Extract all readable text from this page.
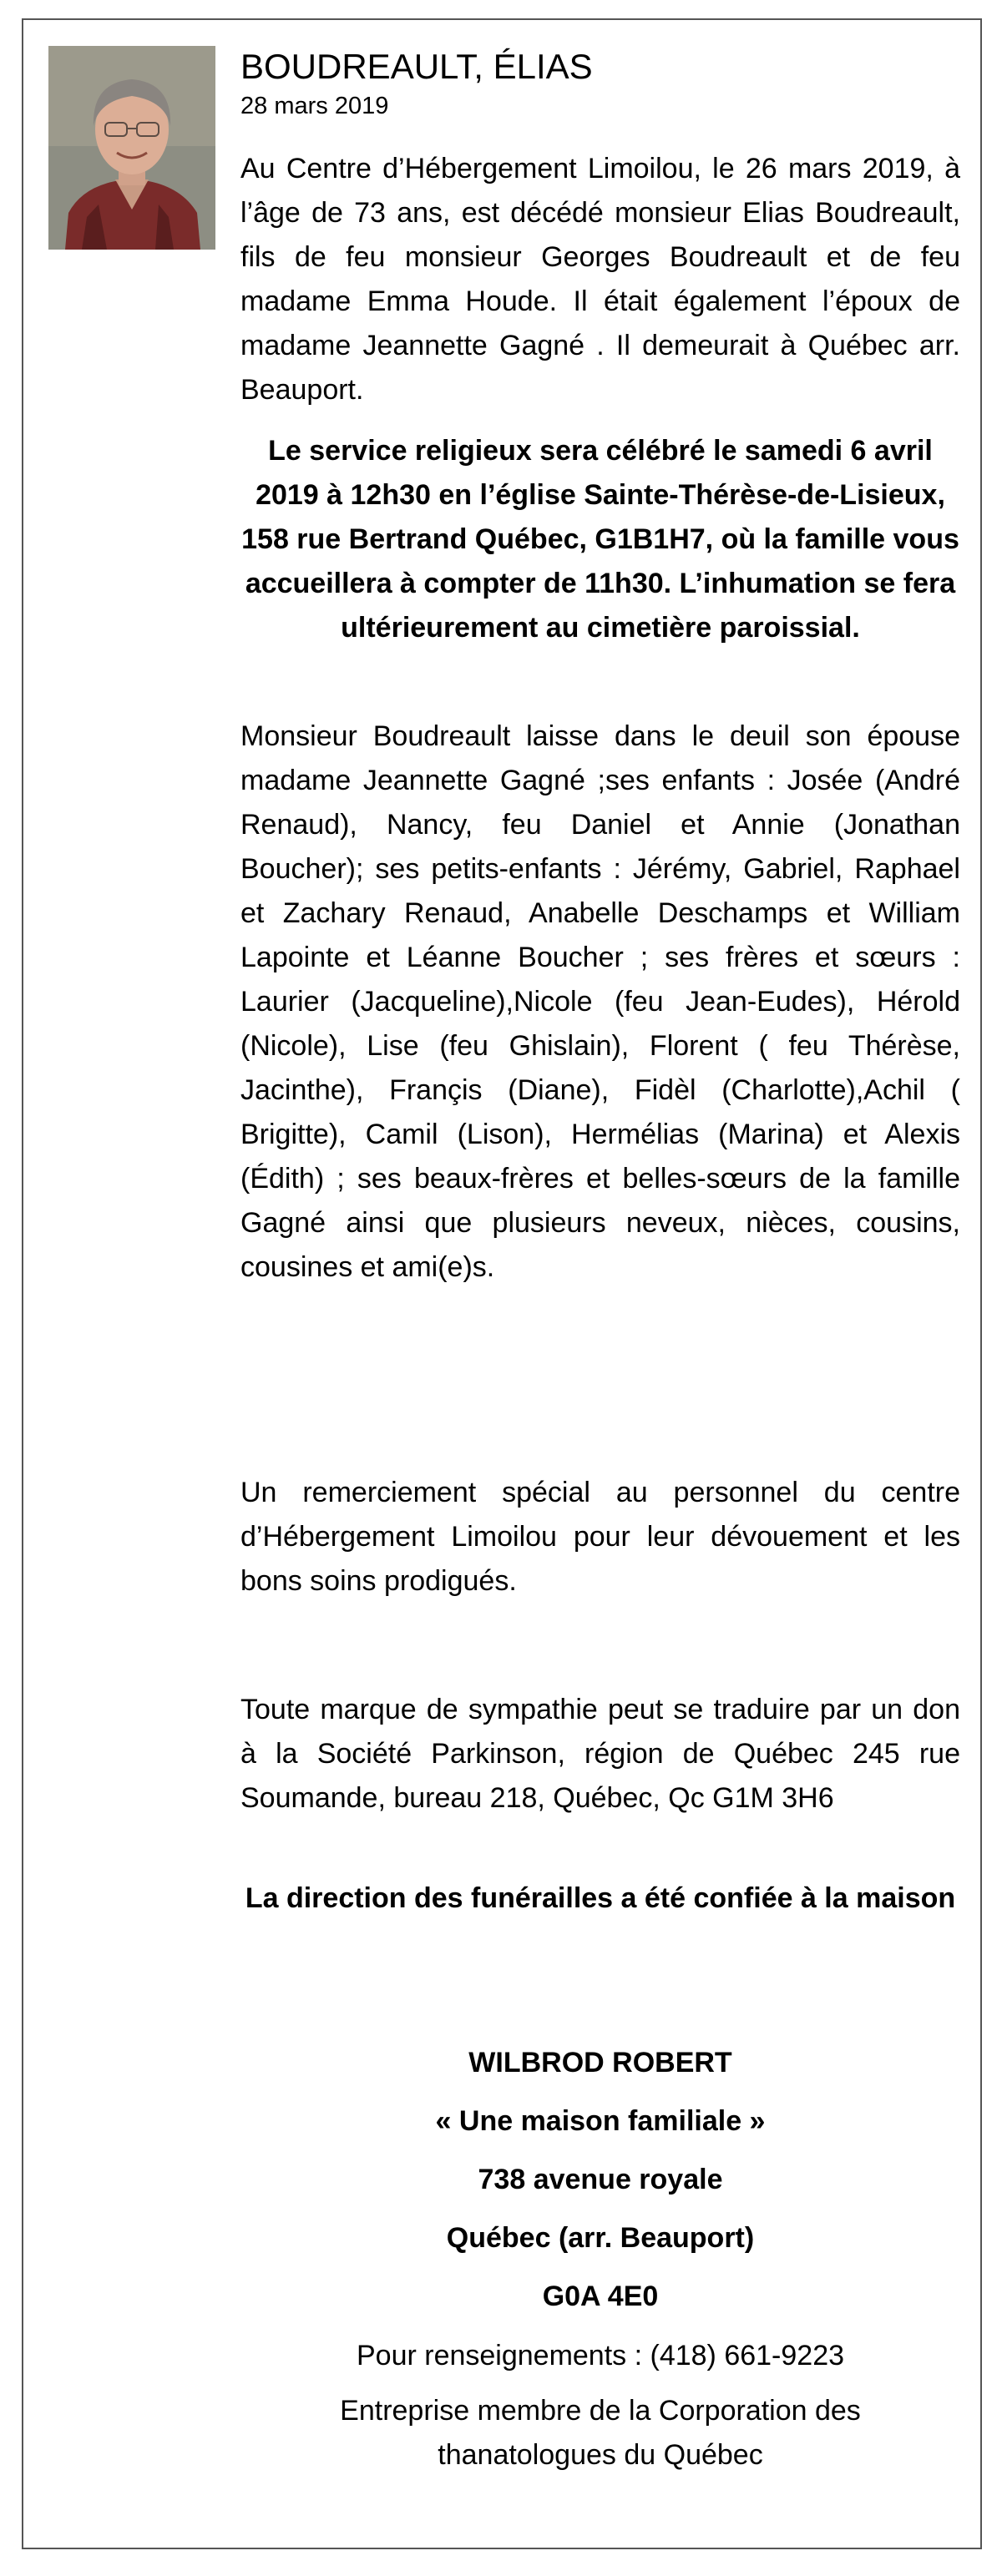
BOUDREAULT, ÉLIAS
28 mars 2019

Au Centre d’Hébergement Limoilou, le 26 mars 2019, à l’âge de 73 ans, est décédé monsieur Elias Boudreault, fils de feu monsieur Georges Boudreault et de feu madame Emma Houde. Il était également l’époux de madame Jeannette Gagné . Il demeurait à Québec arr. Beauport.

Le service religieux sera célébré le samedi 6 avril 2019 à 12h30 en l’église Sainte-Thérèse-de-Lisieux, 158 rue Bertrand Québec, G1B1H7, où la famille vous accueillera à compter de 11h30. L’inhumation se fera ultérieurement au cimetière paroissial.

Monsieur Boudreault laisse dans le deuil son épouse madame Jeannette Gagné ;ses enfants : Josée (André Renaud), Nancy, feu Daniel et Annie (Jonathan Boucher); ses petits-enfants : Jérémy, Gabriel, Raphael et Zachary Renaud, Anabelle Deschamps et William Lapointe et Léanne Boucher ; ses frères et sœurs : Laurier (Jacqueline),Nicole (feu Jean-Eudes), Hérold (Nicole), Lise (feu Ghislain), Florent ( feu Thérèse, Jacinthe), Françis (Diane), Fidèl (Charlotte),Achil ( Brigitte), Camil (Lison), Hermélias (Marina) et Alexis (Édith) ; ses beaux-frères et belles-sœurs de la famille Gagné ainsi que plusieurs neveux, nièces, cousins, cousines et ami(e)s.

Un remerciement spécial au personnel du centre d’Hébergement Limoilou pour leur dévouement et les bons soins prodigués.

Toute marque de sympathie peut se traduire par un don à la Société Parkinson, région de Québec 245 rue Soumande, bureau 218, Québec, Qc G1M 3H6

La direction des funérailles a été confiée à la maison

WILBROD ROBERT

« Une maison familiale »

738 avenue royale

Québec (arr. Beauport)

G0A 4E0

Pour renseignements : (418) 661-9223

Entreprise membre de la Corporation des thanatologues du Québec
